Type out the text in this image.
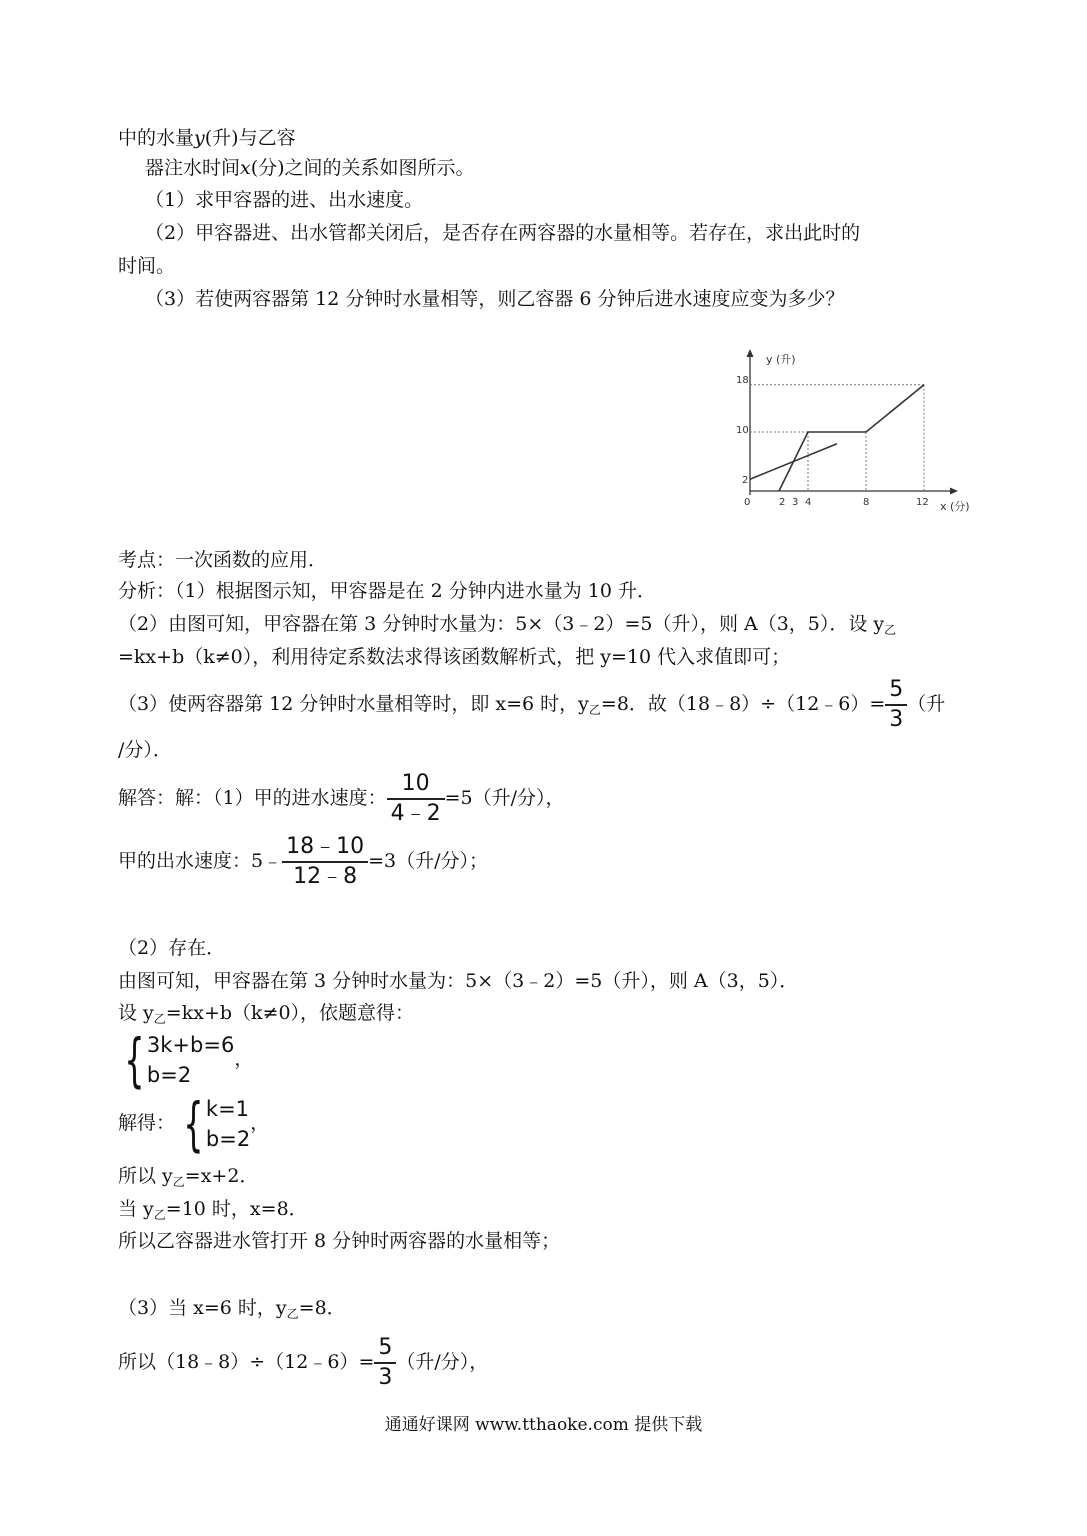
中的水量y(升)与乙容
器注水时间x(分)之间的关系如图所示。
（1）求甲容器的进、出水速度。
（2）甲容器进、出水管都关闭后，是否存在两容器的水量相等。若存在，求出此时的
时间。
（3）若使两容器第 12 分钟时水量相等，则乙容器 6 分钟后进水速度应变为多少？
y (升)
x (分)
18
10
2
0	2 3 4	8	12
考点：一次函数的应用．
分析：（1）根据图示知，甲容器是在 2 分钟内进水量为 10 升．
（2）由图可知，甲容器在第 3 分钟时水量为：5×（3﹣2）=5（升），则 A（3，5）．设 $y_乙$
=kx+b（k≠0），利用待定系数法求得该函数解析式，把 y=10 代入求值即可；
（3）使两容器第 12 分钟时水量相等时，即 x=6 时，$y_乙=8$．故（18﹣8）÷（12﹣6）= $\frac{5}{3}$ （升
/分）．
解答：解：（1）甲的进水速度： $\frac{10}{4﹣2} =5$（升/分），
甲的出水速度：5﹣ $\frac{18﹣10}{12﹣8} =3$（升/分）；
（2）存在．
由图可知，甲容器在第 3 分钟时水量为：5×（3﹣2）=5（升），则 A（3，5）．
设 $y_乙=kx+b(k\ne 0)$，依题意得：
{ 3k+b=6
b=2
，
解得： { k=1
b=2
，
所以 $y_乙=x+2$．
当 $y_乙=10$ 时，x=8．
所以乙容器进水管打开 8 分钟时两容器的水量相等；
（3）当 x=6 时，$y_乙=8$．
所以（18﹣8）÷（12﹣6）= $\frac{5}{3}$ （升/分），
通通好课网 www.tthaoke.com 提供下载
